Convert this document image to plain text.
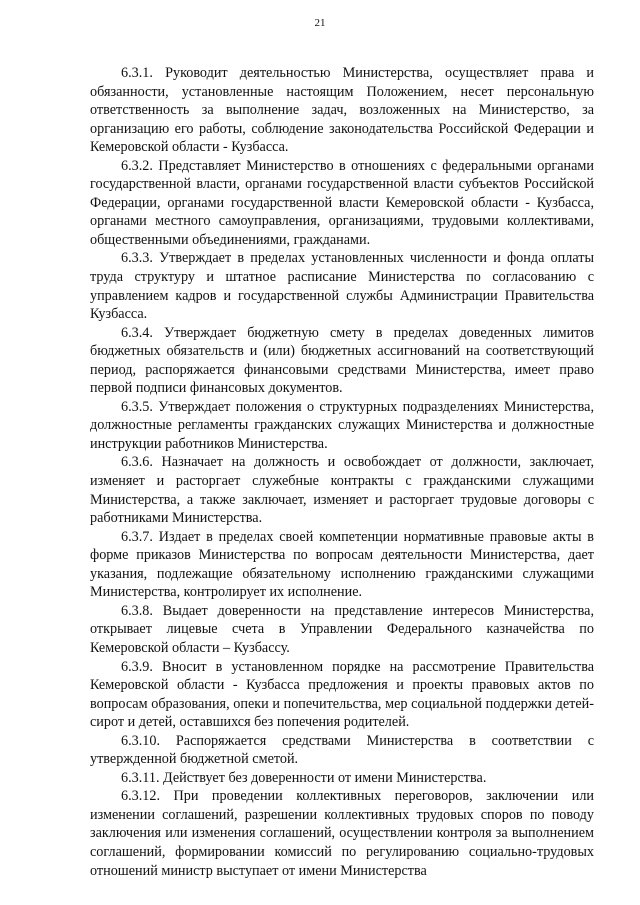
21

6.3.1. Руководит деятельностью Министерства, осуществляет права и обязанности, установленные настоящим Положением, несет персональную ответственность за выполнение задач, возложенных на Министерство, за организацию его работы, соблюдение законодательства Российской Федерации и Кемеровской области - Кузбасса.

6.3.2. Представляет Министерство в отношениях с федеральными органами государственной власти, органами государственной власти субъектов Российской Федерации, органами государственной власти Кемеровской области - Кузбасса, органами местного самоуправления, организациями, трудовыми коллективами, общественными объединениями, гражданами.

6.3.3. Утверждает в пределах установленных численности и фонда оплаты труда структуру и штатное расписание Министерства по согласованию с управлением кадров и государственной службы Администрации Правительства Кузбасса.

6.3.4. Утверждает бюджетную смету в пределах доведенных лимитов бюджетных обязательств и (или) бюджетных ассигнований на соответствующий период, распоряжается финансовыми средствами Министерства, имеет право первой подписи финансовых документов.

6.3.5. Утверждает положения о структурных подразделениях Министерства, должностные регламенты гражданских служащих Министерства и должностные инструкции работников Министерства.

6.3.6. Назначает на должность и освобождает от должности, заключает, изменяет и расторгает служебные контракты с гражданскими служащими Министерства, а также заключает, изменяет и расторгает трудовые договоры с работниками Министерства.

6.3.7. Издает в пределах своей компетенции нормативные правовые акты в форме приказов Министерства по вопросам деятельности Министерства, дает указания, подлежащие обязательному исполнению гражданскими служащими Министерства, контролирует их исполнение.

6.3.8. Выдает доверенности на представление интересов Министерства, открывает лицевые счета в Управлении Федерального казначейства по Кемеровской области – Кузбассу.

6.3.9. Вносит в установленном порядке на рассмотрение Правительства Кемеровской области - Кузбасса предложения и проекты правовых актов по вопросам образования, опеки и попечительства, мер социальной поддержки детей-сирот и детей, оставшихся без попечения родителей.

6.3.10. Распоряжается средствами Министерства в соответствии с утвержденной бюджетной сметой.

6.3.11. Действует без доверенности от имени Министерства.

6.3.12. При проведении коллективных переговоров, заключении или изменении соглашений, разрешении коллективных трудовых споров по поводу заключения или изменения соглашений, осуществлении контроля за выполнением соглашений, формировании комиссий по регулированию социально-трудовых отношений министр выступает от имени Министерства
